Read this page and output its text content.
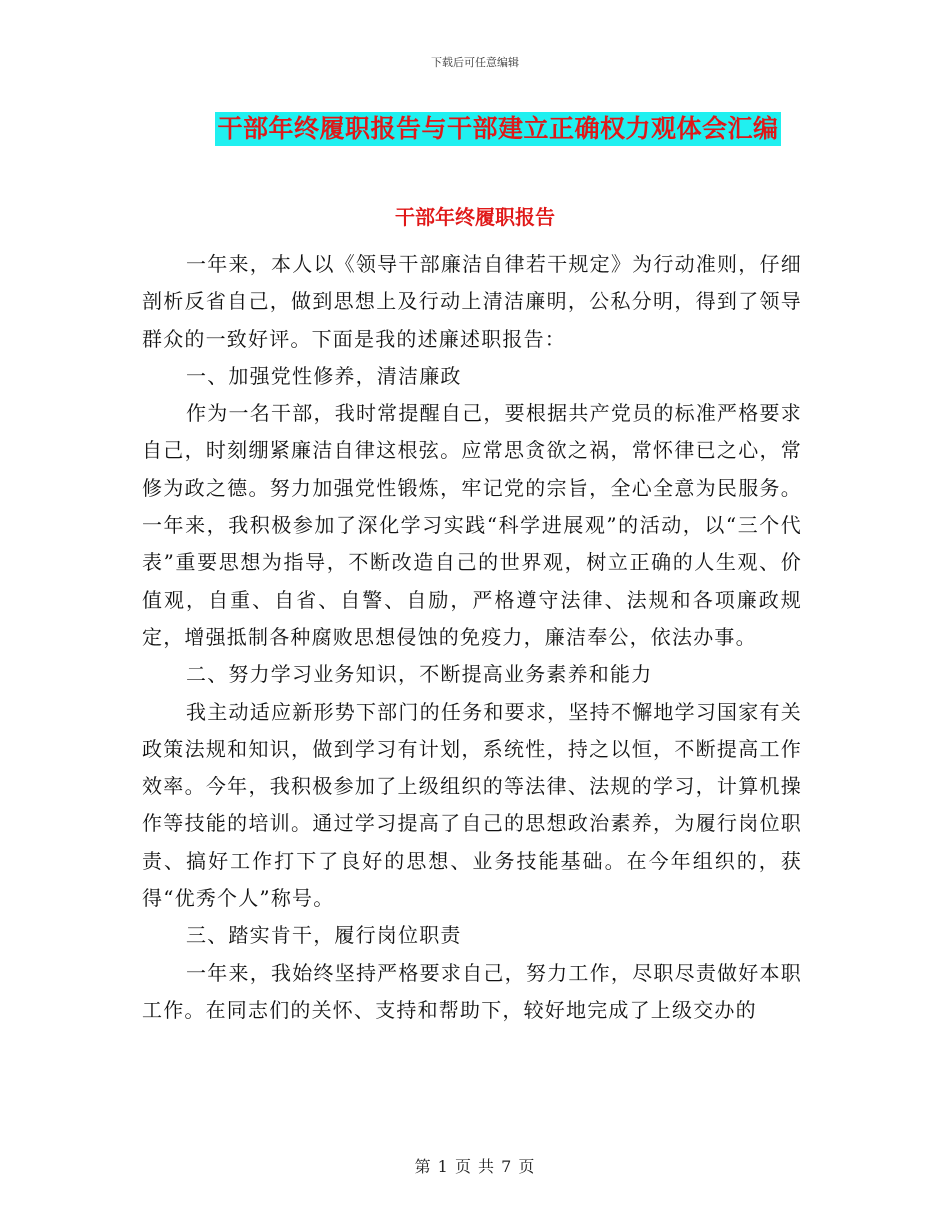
下载后可任意编辑
干部年终履职报告与干部建立正确权力观体会汇编
干部年终履职报告

一年来，本人以《领导干部廉洁自律若干规定》为行动准则，仔细剖析反省自己，做到思想上及行动上清洁廉明，公私分明，得到了领导群众的一致好评。下面是我的述廉述职报告：

一、加强党性修养，清洁廉政

作为一名干部，我时常提醒自己，要根据共产党员的标准严格要求自己，时刻绷紧廉洁自律这根弦。应常思贪欲之祸，常怀律已之心，常修为政之德。努力加强党性锻炼，牢记党的宗旨，全心全意为民服务。一年来，我积极参加了深化学习实践“科学进展观”的活动，以“三个代表”重要思想为指导，不断改造自己的世界观，树立正确的人生观、价值观，自重、自省、自警、自励，严格遵守法律、法规和各项廉政规定，增强抵制各种腐败思想侵蚀的免疫力，廉洁奉公，依法办事。

二、努力学习业务知识，不断提高业务素养和能力

我主动适应新形势下部门的任务和要求，坚持不懈地学习国家有关政策法规和知识，做到学习有计划，系统性，持之以恒，不断提高工作效率。今年，我积极参加了上级组织的等法律、法规的学习，计算机操作等技能的培训。通过学习提高了自己的思想政治素养，为履行岗位职责、搞好工作打下了良好的思想、业务技能基础。在今年组织的，获得“优秀个人”称号。

三、踏实肯干，履行岗位职责

一年来，我始终坚持严格要求自己，努力工作，尽职尽责做好本职工作。在同志们的关怀、支持和帮助下，较好地完成了上级交办的

第 1 页 共 7 页
